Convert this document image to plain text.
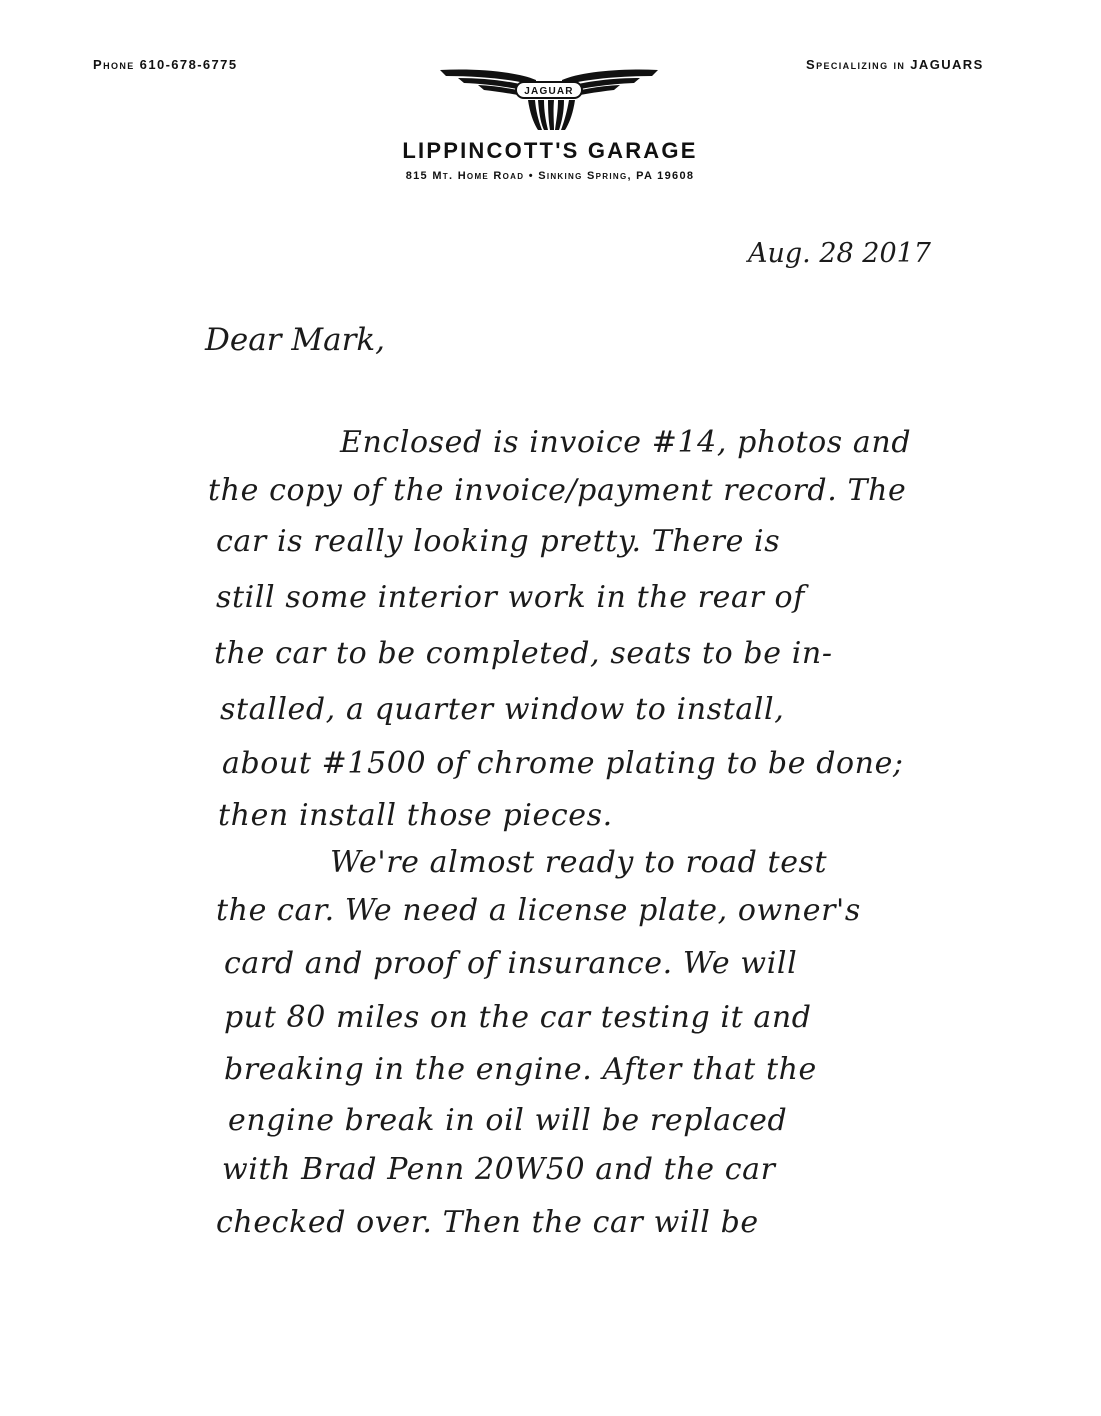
Phone 610-678-6775	Specializing in JAGUARS
JAGUAR
LIPPINCOTT'S GARAGE
815 Mt. Home Road • Sinking Spring, PA 19608
Aug. 28 2017
Dear Mark,
Enclosed is invoice #14, photos and
the copy of the invoice/payment record. The
car is really looking pretty. There is
still some interior work in the rear of
the car to be completed, seats to be in-
stalled, a quarter window to install,
about #1500 of chrome plating to be done;
then install those pieces.
We're almost ready to road test
the car. We need a license plate, owner's
card and proof of insurance. We will
put 80 miles on the car testing it and
breaking in the engine. After that the
engine break in oil will be replaced
with Brad Penn 20W50 and the car
checked over. Then the car will be
